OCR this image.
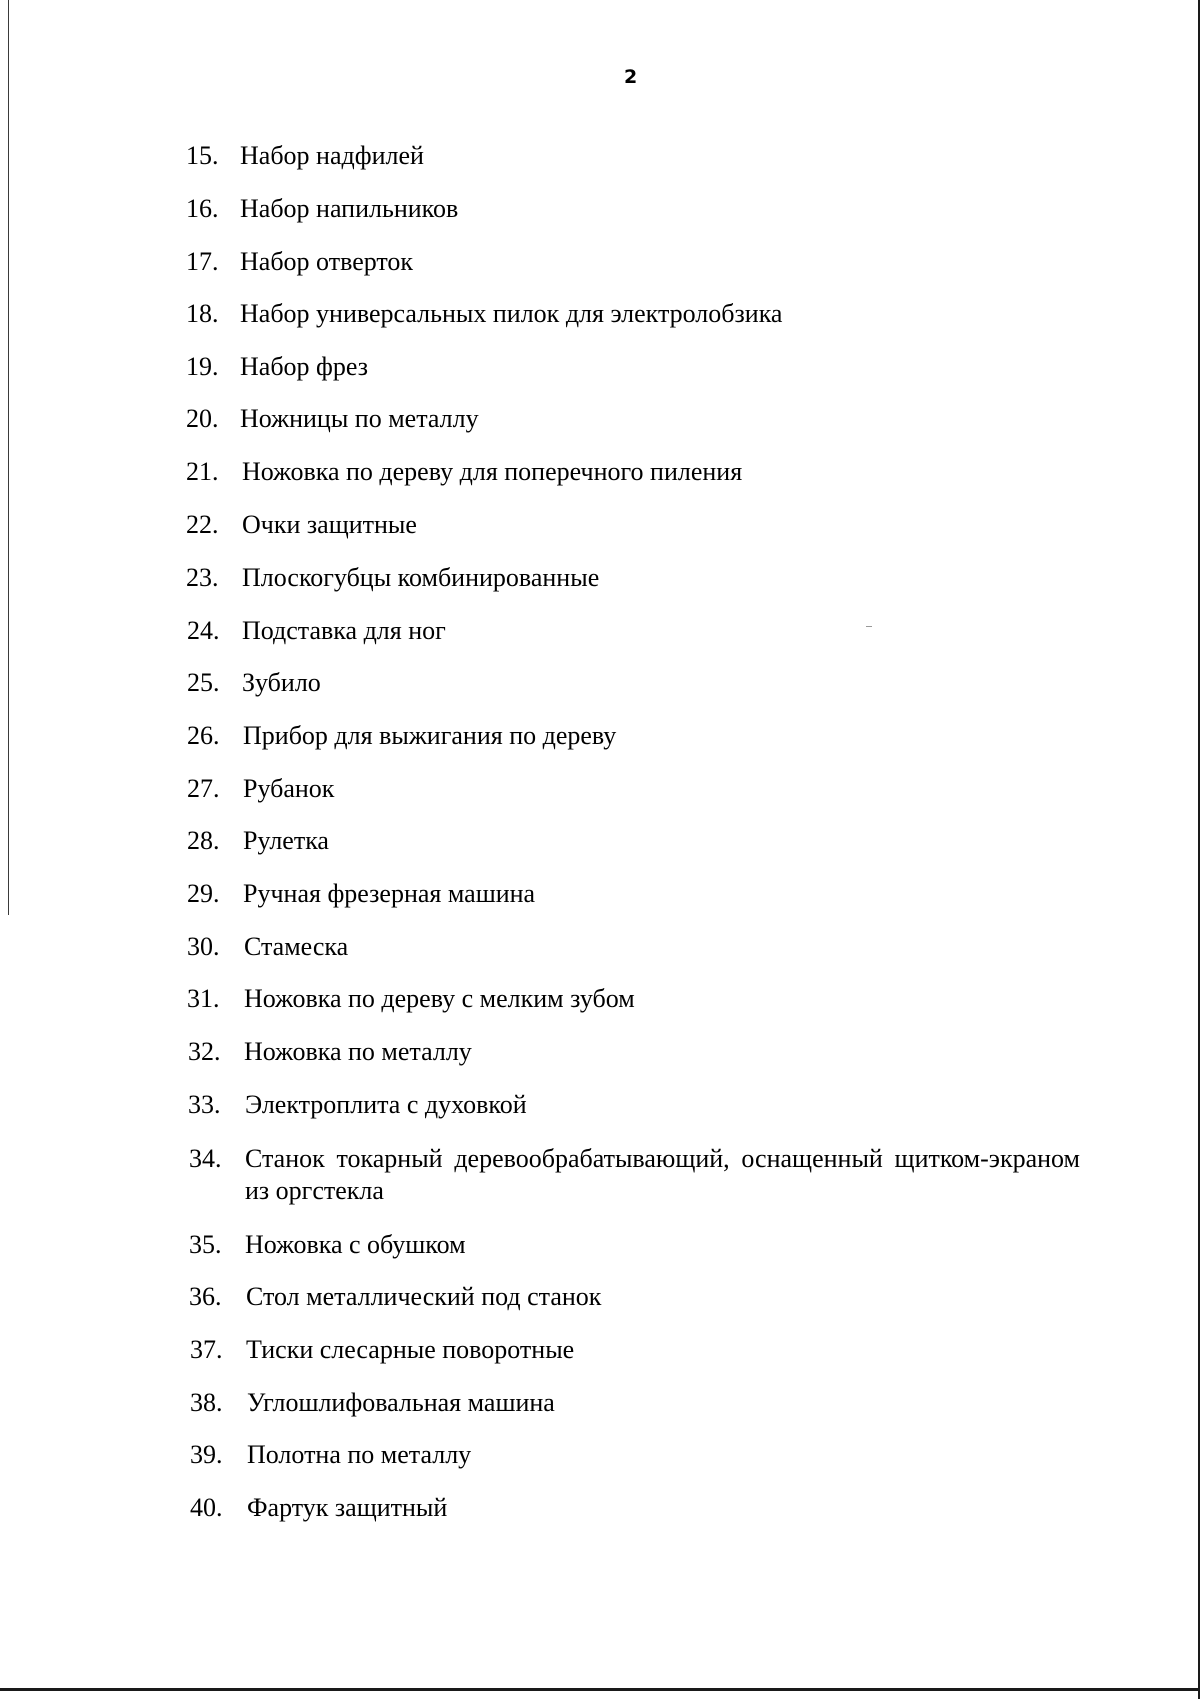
2
15. Набор надфилей
16. Набор напильников
17. Набор отверток
18. Набор универсальных пилок для электролобзика
19. Набор фрез
20. Ножницы по металлу
21. Ножовка по дереву для поперечного пиления
22. Очки защитные
23. Плоскогубцы комбинированные
24. Подставка для ног
25. Зубило
26. Прибор для выжигания по дереву
27. Рубанок
28. Рулетка
29. Ручная фрезерная машина
30. Стамеска
31. Ножовка по дереву с мелким зубом
32. Ножовка по металлу
33. Электроплита с духовкой
34. Станок токарный деревообрабатывающий, оснащенный щитком-экраном из оргстекла
35. Ножовка с обушком
36. Стол металлический под станок
37. Тиски слесарные поворотные
38. Углошлифовальная машина
39. Полотна по металлу
40. Фартук защитный
